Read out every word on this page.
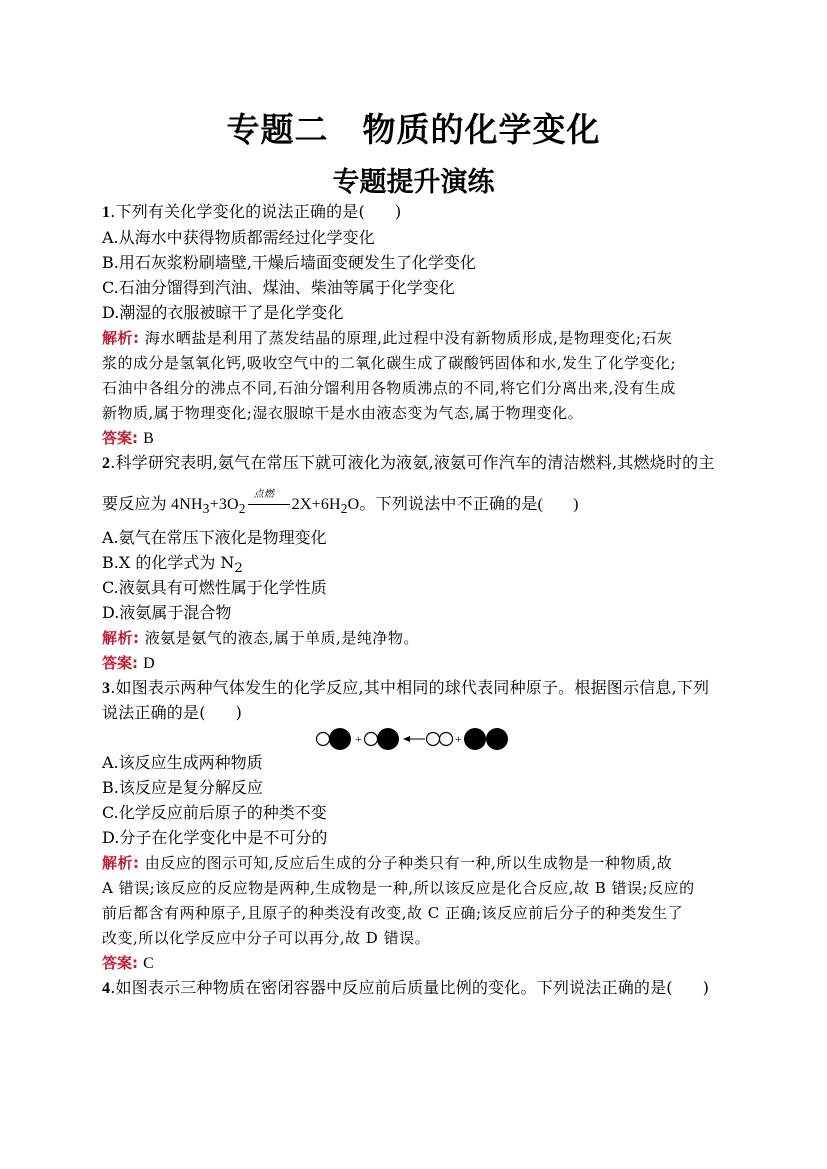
专题二　物质的化学变化
专题提升演练
1.下列有关化学变化的说法正确的是( )
A.从海水中获得物质都需经过化学变化
B.用石灰浆粉刷墙壁,干燥后墙面变硬发生了化学变化
C.石油分馏得到汽油、煤油、柴油等属于化学变化
D.潮湿的衣服被晾干了是化学变化
解析: 海水晒盐是利用了蒸发结晶的原理,此过程中没有新物质形成,是物理变化;石灰
浆的成分是氢氧化钙,吸收空气中的二氧化碳生成了碳酸钙固体和水,发生了化学变化;
石油中各组分的沸点不同,石油分馏利用各物质沸点的不同,将它们分离出来,没有生成
新物质,属于物理变化;湿衣服晾干是水由液态变为气态,属于物理变化。
答案: B
2.科学研究表明,氨气在常压下就可液化为液氨,液氨可作汽车的清洁燃料,其燃烧时的主
要反应为 $4NH_3+3O_2$
点燃
$2X+6H_2O$。下列说法中不正确的是( )
A.氨气在常压下液化是物理变化
B.X 的化学式为 $N_2$
C.液氨具有可燃性属于化学性质
D.液氨属于混合物
解析: 液氨是氨气的液态,属于单质,是纯净物。
答案: D
3.如图表示两种气体发生的化学反应,其中相同的球代表同种原子。根据图示信息,下列
说法正确的是( )
+	+
A.该反应生成两种物质
B.该反应是复分解反应
C.化学反应前后原子的种类不变
D.分子在化学变化中是不可分的
解析: 由反应的图示可知,反应后生成的分子种类只有一种,所以生成物是一种物质,故
A 错误;该反应的反应物是两种,生成物是一种,所以该反应是化合反应,故 B 错误;反应的
前后都含有两种原子,且原子的种类没有改变,故 C 正确;该反应前后分子的种类发生了
改变,所以化学反应中分子可以再分,故 D 错误。
答案: C
4.如图表示三种物质在密闭容器中反应前后质量比例的变化。下列说法正确的是( )
